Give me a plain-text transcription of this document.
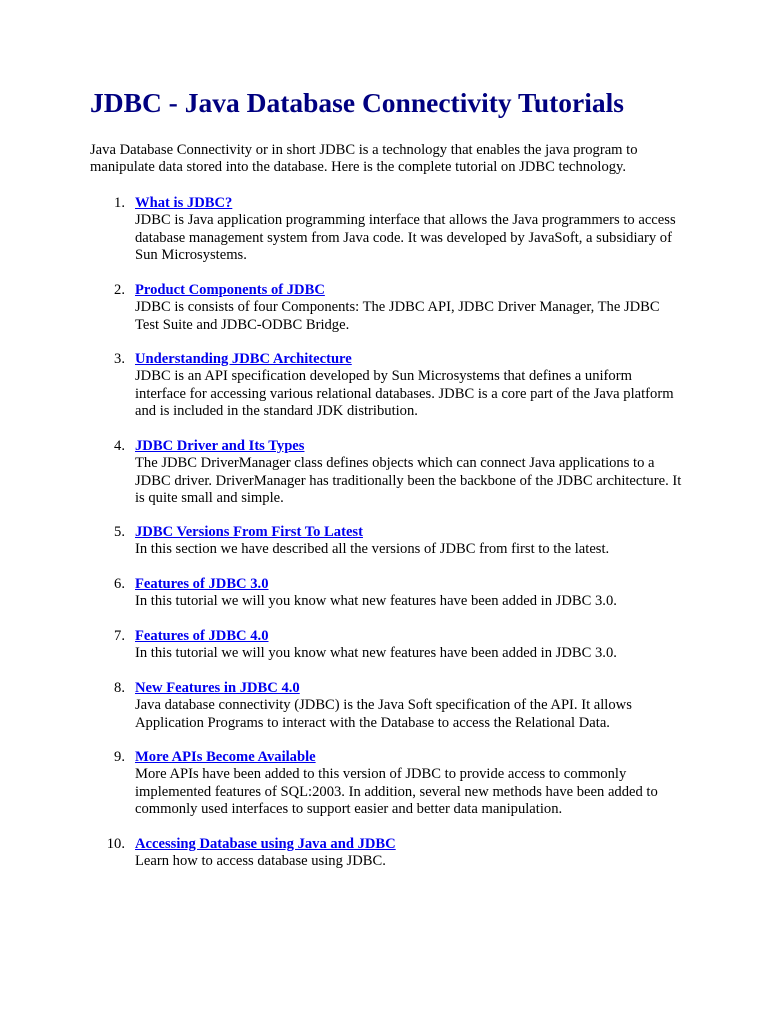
JDBC - Java Database Connectivity Tutorials

Java Database Connectivity or in short JDBC is a technology that enables the java program to manipulate data stored into the database. Here is the complete tutorial on JDBC technology.

1. What is JDBC?
JDBC is Java application programming interface that allows the Java programmers to access database management system from Java code. It was developed by JavaSoft, a subsidiary of Sun Microsystems.
2. Product Components of JDBC
JDBC is consists of four Components: The JDBC API, JDBC Driver Manager, The JDBC Test Suite and JDBC-ODBC Bridge.
3. Understanding JDBC Architecture
JDBC is an API specification developed by Sun Microsystems that defines a uniform interface for accessing various relational databases. JDBC is a core part of the Java platform and is included in the standard JDK distribution.
4. JDBC Driver and Its Types
The JDBC DriverManager class defines objects which can connect Java applications to a JDBC driver. DriverManager has traditionally been the backbone of the JDBC architecture. It is quite small and simple.
5. JDBC Versions From First To Latest
In this section we have described all the versions of JDBC from first to the latest.
6. Features of JDBC 3.0
In this tutorial we will you know what new features have been added in JDBC 3.0.
7. Features of JDBC 4.0
In this tutorial we will you know what new features have been added in JDBC 3.0.
8. New Features in JDBC 4.0
Java database connectivity (JDBC) is the Java Soft specification of the API. It allows Application Programs to interact with the Database to access the Relational Data.
9. More APIs Become Available
More APIs have been added to this version of JDBC to provide access to commonly implemented features of SQL:2003. In addition, several new methods have been added to commonly used interfaces to support easier and better data manipulation.
10. Accessing Database using Java and JDBC
Learn how to access database using JDBC.
